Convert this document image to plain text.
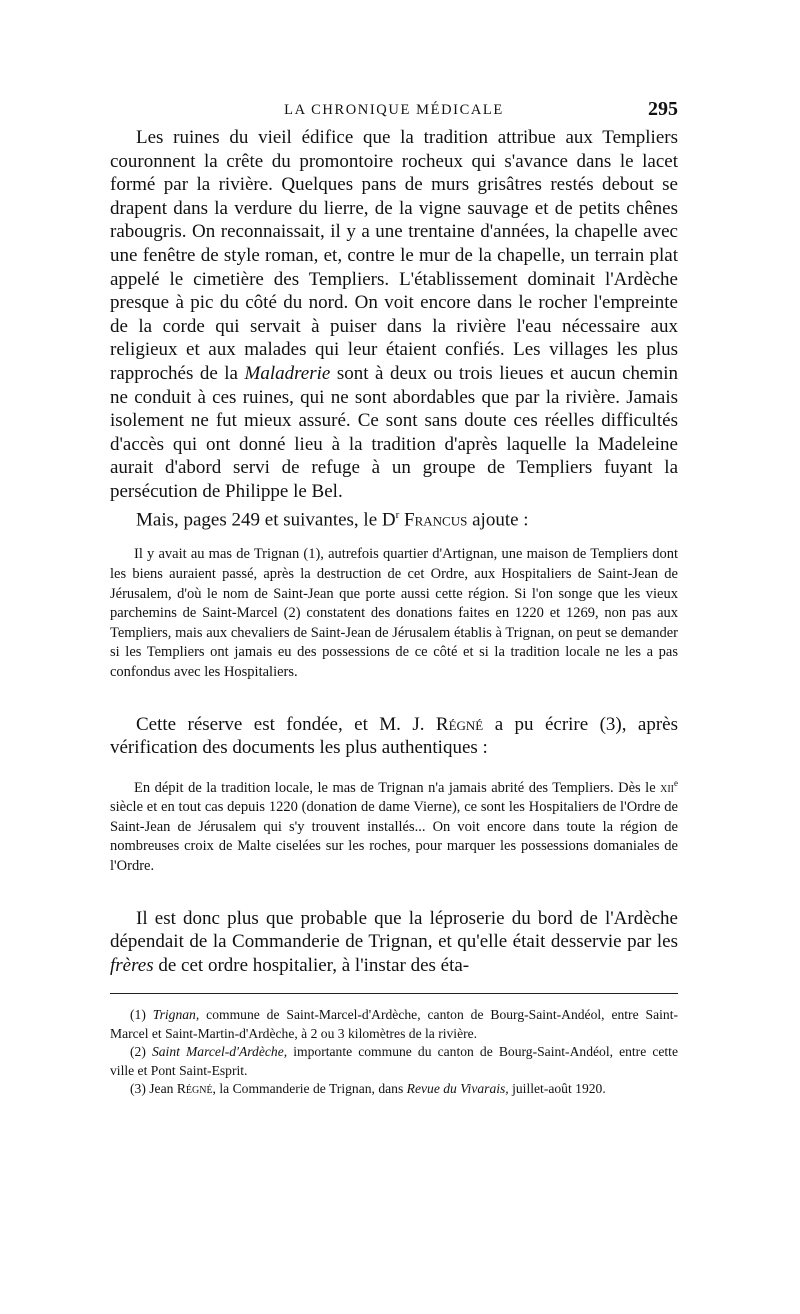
LA CHRONIQUE MÉDICALE	295

Les ruines du vieil édifice que la tradition attribue aux Templiers couronnent la crête du promontoire rocheux qui s'avance dans le lacet formé par la rivière. Quelques pans de murs grisâtres restés debout se drapent dans la verdure du lierre, de la vigne sauvage et de petits chênes rabougris. On reconnaissait, il y a une trentaine d'années, la chapelle avec une fenêtre de style roman, et, contre le mur de la chapelle, un terrain plat appelé le cimetière des Templiers. L'établissement dominait l'Ardèche presque à pic du côté du nord. On voit encore dans le rocher l'empreinte de la corde qui servait à puiser dans la rivière l'eau nécessaire aux religieux et aux malades qui leur étaient confiés. Les villages les plus rapprochés de la Maladrerie sont à deux ou trois lieues et aucun chemin ne conduit à ces ruines, qui ne sont abordables que par la rivière. Jamais isolement ne fut mieux assuré. Ce sont sans doute ces réelles difficultés d'accès qui ont donné lieu à la tradition d'après laquelle la Madeleine aurait d'abord servi de refuge à un groupe de Templiers fuyant la persécution de Philippe le Bel.

Mais, pages 249 et suivantes, le $D^r$ Francus ajoute :

Il y avait au mas de Trignan (1), autrefois quartier d'Artignan, une maison de Templiers dont les biens auraient passé, après la destruction de cet Ordre, aux Hospitaliers de Saint-Jean de Jérusalem, d'où le nom de Saint-Jean que porte aussi cette région. Si l'on songe que les vieux parchemins de Saint-Marcel (2) constatent des donations faites en 1220 et 1269, non pas aux Templiers, mais aux chevaliers de Saint-Jean de Jérusalem établis à Trignan, on peut se demander si les Templiers ont jamais eu des possessions de ce côté et si la tradition locale ne les a pas confondus avec les Hospitaliers.

Cette réserve est fondée, et M. J. Régné a pu écrire (3), après vérification des documents les plus authentiques :

En dépit de la tradition locale, le mas de Trignan n'a jamais abrité des Templiers. Dès le xii$^e$ siècle et en tout cas depuis 1220 (donation de dame Vierne), ce sont les Hospitaliers de l'Ordre de Saint-Jean de Jérusalem qui s'y trouvent installés... On voit encore dans toute la région de nombreuses croix de Malte ciselées sur les roches, pour marquer les possessions domaniales de l'Ordre.

Il est donc plus que probable que la léproserie du bord de l'Ardèche dépendait de la Commanderie de Trignan, et qu'elle était desservie par les frères de cet ordre hospitalier, à l'instar des éta-

(1) Trignan, commune de Saint-Marcel-d'Ardèche, canton de Bourg-Saint-Andéol, entre Saint-Marcel et Saint-Martin-d'Ardèche, à 2 ou 3 kilomètres de la rivière.

(2) Saint Marcel-d'Ardèche, importante commune du canton de Bourg-Saint-Andéol, entre cette ville et Pont Saint-Esprit.

(3) Jean Régné, la Commanderie de Trignan, dans Revue du Vivarais, juillet-août 1920.
